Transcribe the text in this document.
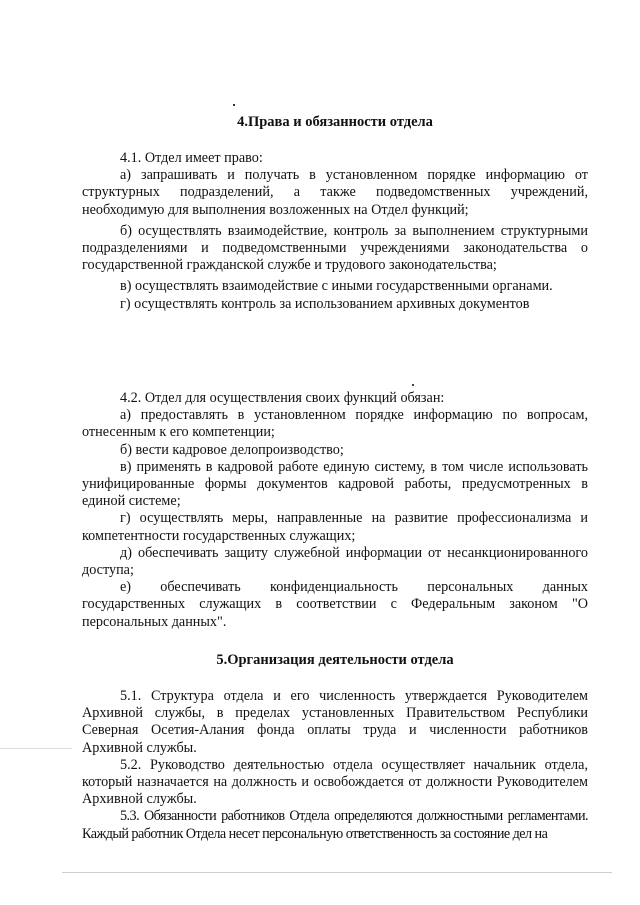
4.Права и обязанности отдела

4.1. Отдел имеет право:

а) запрашивать и получать в установленном порядке информацию от структурных подразделений, а также подведомственных учреждений, необходимую для выполнения возложенных на Отдел функций;

б) осуществлять взаимодействие, контроль за выполнением структурными подразделениями и подведомственными учреждениями законодательства о государственной гражданской службе и трудового законодательства;

в) осуществлять взаимодействие с иными государственными органами.

г) осуществлять контроль за использованием архивных документов

4.2. Отдел для осуществления своих функций обязан:

а) предоставлять в установленном порядке информацию по вопросам, отнесенным к его компетенции;

б) вести кадровое делопроизводство;

в) применять в кадровой работе единую систему, в том числе использовать унифицированные формы документов кадровой работы, предусмотренных в единой системе;

г) осуществлять меры, направленные на развитие профессионализма и компетентности государственных служащих;

д) обеспечивать защиту служебной информации от несанкционированного доступа;

е) обеспечивать конфиденциальность персональных данных государственных служащих в соответствии с Федеральным законом "О персональных данных".

5.Организация деятельности отдела

5.1. Структура отдела и его численность утверждается Руководителем Архивной службы, в пределах установленных Правительством Республики Северная Осетия-Алания фонда оплаты труда и численности работников Архивной службы.

5.2. Руководство деятельностью отдела осуществляет начальник отдела, который назначается на должность и освобождается от должности Руководителем Архивной службы.

5.3. Обязанности работников Отдела определяются должностными регламентами. Каждый работник Отдела несет персональную ответственность за состояние дел на
